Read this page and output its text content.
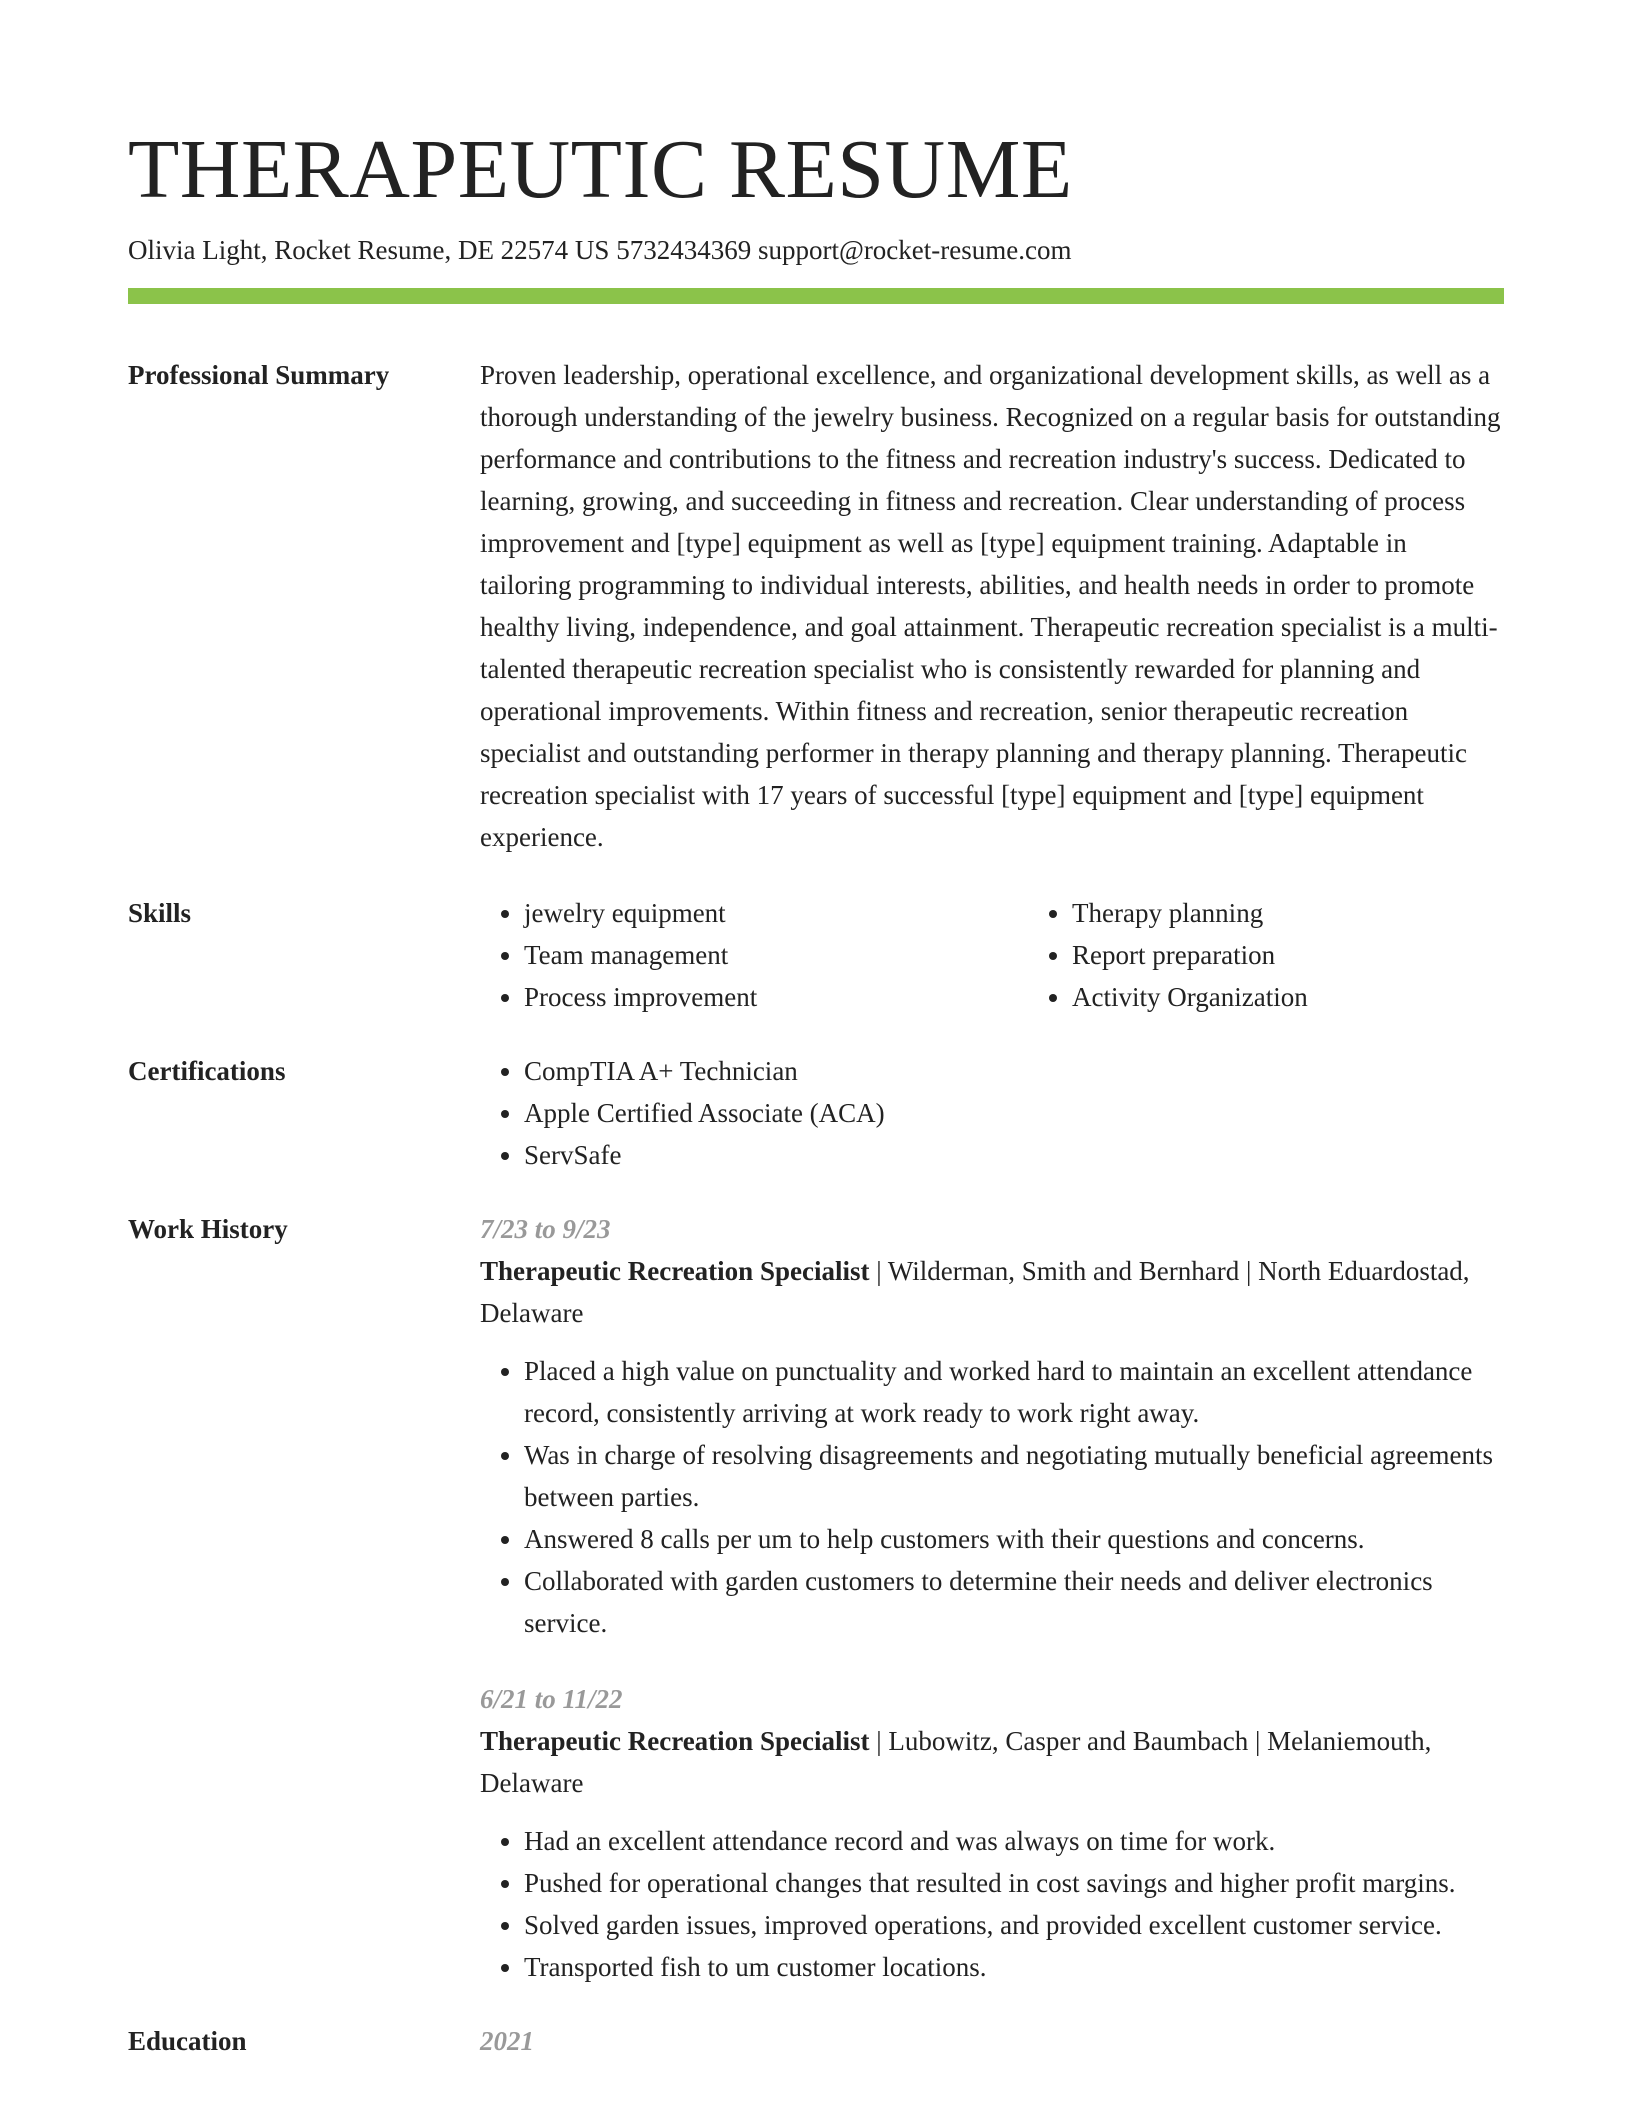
THERAPEUTIC RESUME
Olivia Light, Rocket Resume, DE 22574 US 5732434369 support@rocket-resume.com
Professional Summary	Proven leadership, operational excellence, and organizational development skills, as well as a thorough understanding of the jewelry business. Recognized on a regular basis for outstanding performance and contributions to the fitness and recreation industry's success. Dedicated to learning, growing, and succeeding in fitness and recreation. Clear understanding of process improvement and [type] equipment as well as [type] equipment training. Adaptable in tailoring programming to individual interests, abilities, and health needs in order to promote healthy living, independence, and goal attainment. Therapeutic recreation specialist is a multi-talented therapeutic recreation specialist who is consistently rewarded for planning and operational improvements. Within fitness and recreation, senior therapeutic recreation specialist and outstanding performer in therapy planning and therapy planning. Therapeutic recreation specialist with 17 years of successful [type] equipment and [type] equipment experience.
Skills	• jewelry equipment
• Team management
• Process improvement
• Therapy planning
• Report preparation
• Activity Organization
Certifications	• CompTIA A+ Technician
• Apple Certified Associate (ACA)
• ServSafe
Work History	7/23 to 9/23
Therapeutic Recreation Specialist | Wilderman, Smith and Bernhard | North Eduardostad, Delaware
• Placed a high value on punctuality and worked hard to maintain an excellent attendance record, consistently arriving at work ready to work right away.
• Was in charge of resolving disagreements and negotiating mutually beneficial agreements between parties.
• Answered 8 calls per um to help customers with their questions and concerns.
• Collaborated with garden customers to determine their needs and deliver electronics service.
6/21 to 11/22
Therapeutic Recreation Specialist | Lubowitz, Casper and Baumbach | Melaniemouth, Delaware
• Had an excellent attendance record and was always on time for work.
• Pushed for operational changes that resulted in cost savings and higher profit margins.
• Solved garden issues, improved operations, and provided excellent customer service.
• Transported fish to um customer locations.
Education	2021
